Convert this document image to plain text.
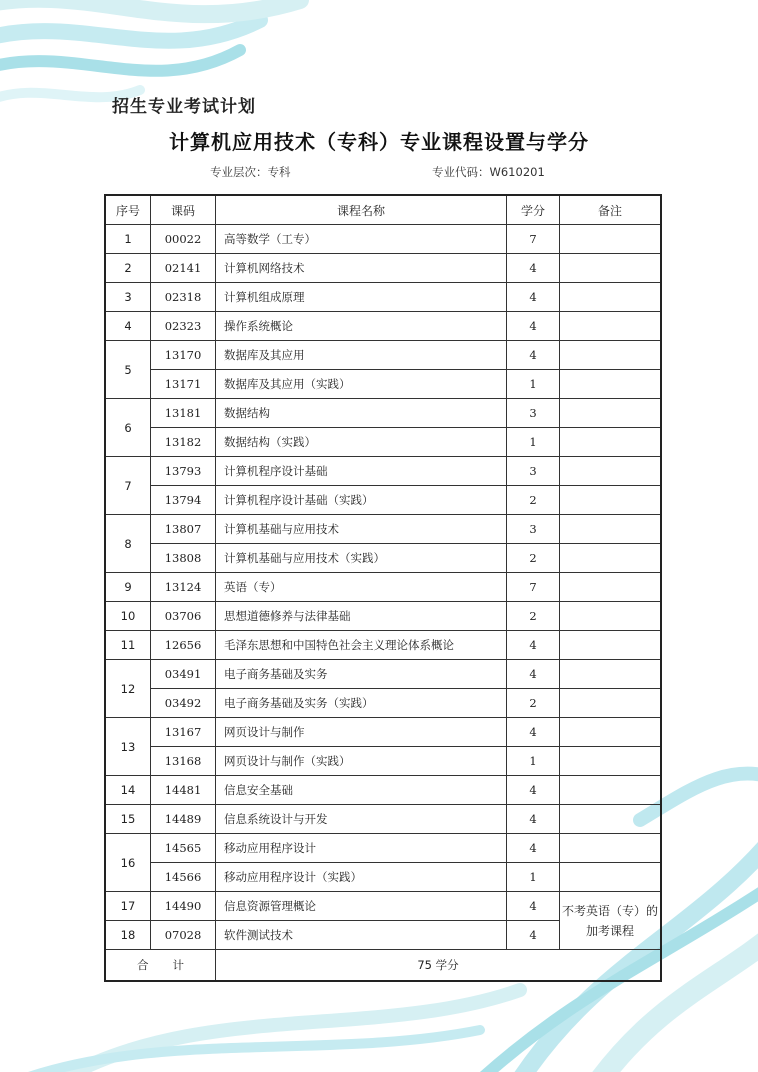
招生专业考试计划
计算机应用技术（专科）专业课程设置与学分
专业层次：专科	专业代码：W610201
序号	课码	课程名称	学分	备注
1	00022	高等数学（工专）	7	
2	02141	计算机网络技术	4	
3	02318	计算机组成原理	4	
4	02323	操作系统概论	4	
5	13170	数据库及其应用	4	
	13171	数据库及其应用（实践）	1	
6	13181	数据结构	3	
	13182	数据结构（实践）	1	
7	13793	计算机程序设计基础	3	
	13794	计算机程序设计基础（实践）	2	
8	13807	计算机基础与应用技术	3	
	13808	计算机基础与应用技术（实践）	2	
9	13124	英语（专）	7	
10	03706	思想道德修养与法律基础	2	
11	12656	毛泽东思想和中国特色社会主义理论体系概论	4	
12	03491	电子商务基础及实务	4	
	03492	电子商务基础及实务（实践）	2	
13	13167	网页设计与制作	4	
	13168	网页设计与制作（实践）	1	
14	14481	信息安全基础	4	
15	14489	信息系统设计与开发	4	
16	14565	移动应用程序设计	4	
	14566	移动应用程序设计（实践）	1	
17	14490	信息资源管理概论	4	不考英语（专）的加考课程
18	07028	软件测试技术	4	
合计		75 学分		
